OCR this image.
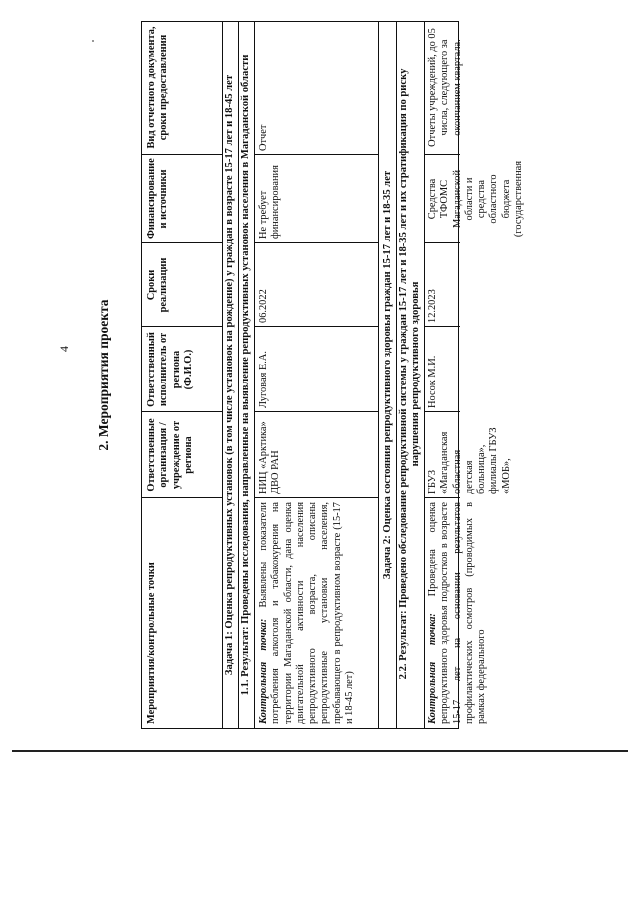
4 2. Мероприятия проекта
Мероприятия/контрольные точки
Ответственные организация / учреждение от региона
Ответственный исполнитель от региона (Ф.И.О.)
Сроки реализации
Финансирование и источники
Вид отчетного документа, сроки предоставления	Задача 1: Оценка репродуктивных установок (в том числе установок на рождение) у граждан в возрасте 15-17 лет и 18-45 лет 1.1. Результат: Проведены исследования, направленные на выявление репродуктивных установок населения в Магаданской области Контрольная точка: Выявлены показатели потребления алкоголя и табакокурения на территории Магаданской области, дана оценка двигательной активности населения репродуктивного возраста, описаны репродуктивные установки населения, пребывающего в репродуктивном возрасте (15-17 и 18-45 лет)
НИЦ «Арктика» ДВО РАН
Луговая Е.А.
06.2022
Не требует финансирования
Отчет
Задача 2: Оценка состояния репродуктивного здоровья граждан 15-17 лет и 18-35 лет 2.2. Результат: Проведено обследование репродуктивной системы у граждан 15-17 лет и 18-35 лет и их стратификация по риску нарушения репродуктивного здоровья
Контрольная точка: Проведена оценка репродуктивного здоровья подростков в возрасте 15-17 лет на основании результатов профилактических осмотров (проводимых в рамках федерального
ГБУЗ «Магаданская областная детская больница», филиалы ГБУЗ «МОБ»,
Носок М.И.
12.2023
Средства ТФОМС Магаданской области и средства областного бюджета (государственная
Отчеты учреждений, до 05 числа, следующего за окончанием квартала.
